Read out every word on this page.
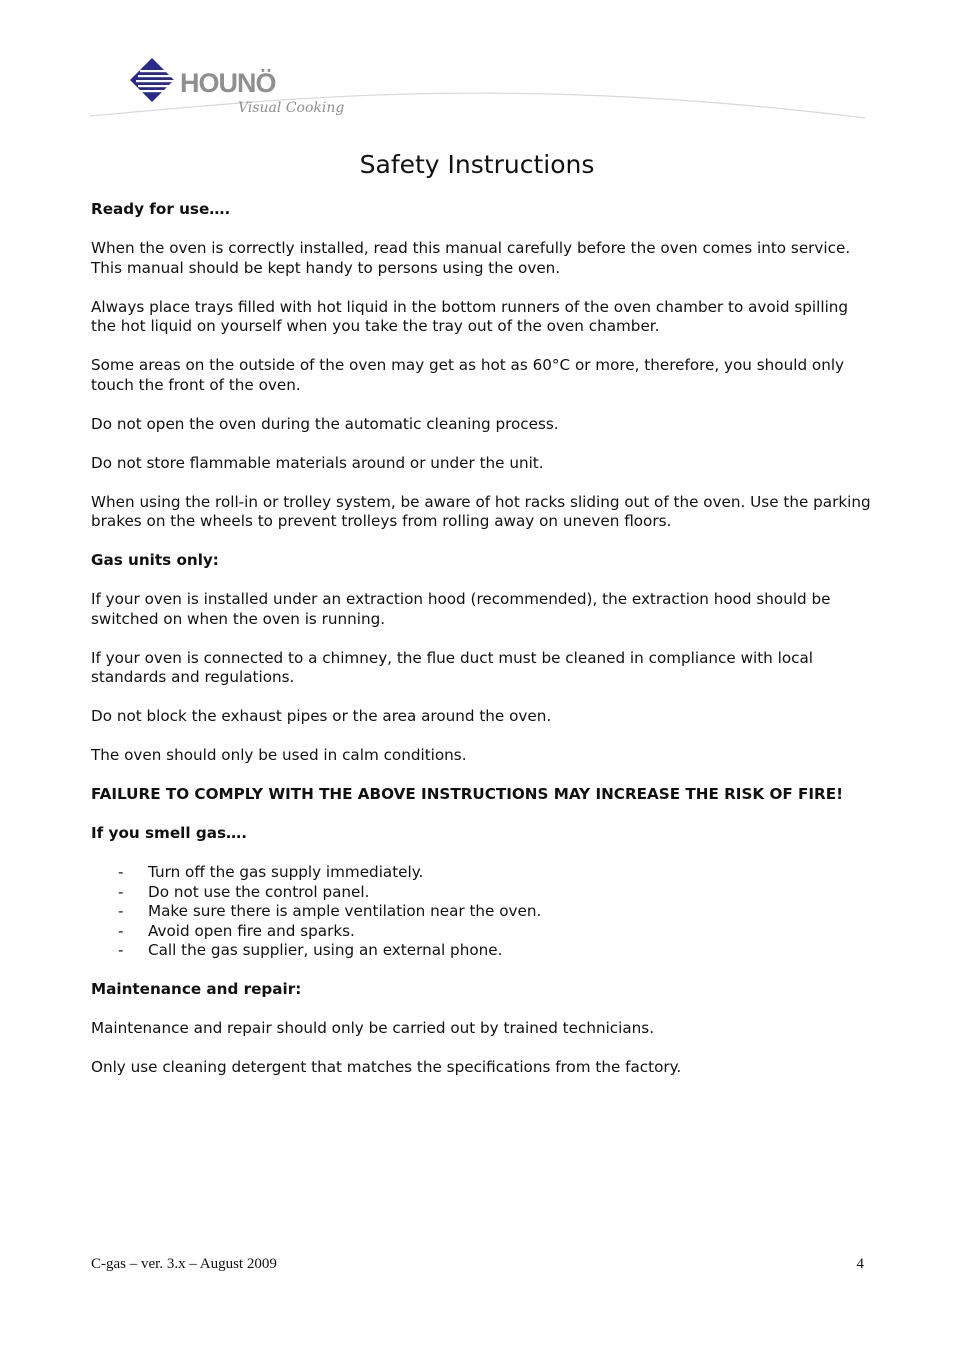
HOUNÖ
Visual Cooking
Safety Instructions

Ready for use….

When the oven is correctly installed, read this manual carefully before the oven comes into service.

This manual should be kept handy to persons using the oven.

Always place trays filled with hot liquid in the bottom runners of the oven chamber to avoid spilling the hot liquid on yourself when you take the tray out of the oven chamber.

Some areas on the outside of the oven may get as hot as 60°C or more, therefore, you should only touch the front of the oven.

Do not open the oven during the automatic cleaning process.

Do not store flammable materials around or under the unit.

When using the roll-in or trolley system, be aware of hot racks sliding out of the oven. Use the parking brakes on the wheels to prevent trolleys from rolling away on uneven floors.

Gas units only:

If your oven is installed under an extraction hood (recommended), the extraction hood should be switched on when the oven is running.

If your oven is connected to a chimney, the flue duct must be cleaned in compliance with local standards and regulations.

Do not block the exhaust pipes or the area around the oven.

The oven should only be used in calm conditions.

FAILURE TO COMPLY WITH THE ABOVE INSTRUCTIONS MAY INCREASE THE RISK OF FIRE!

If you smell gas….

- Turn off the gas supply immediately.
- Do not use the control panel.
- Make sure there is ample ventilation near the oven.
- Avoid open fire and sparks.
- Call the gas supplier, using an external phone.

Maintenance and repair:

Maintenance and repair should only be carried out by trained technicians.

Only use cleaning detergent that matches the specifications from the factory.

C-gas – ver. 3.x – August 2009	4
